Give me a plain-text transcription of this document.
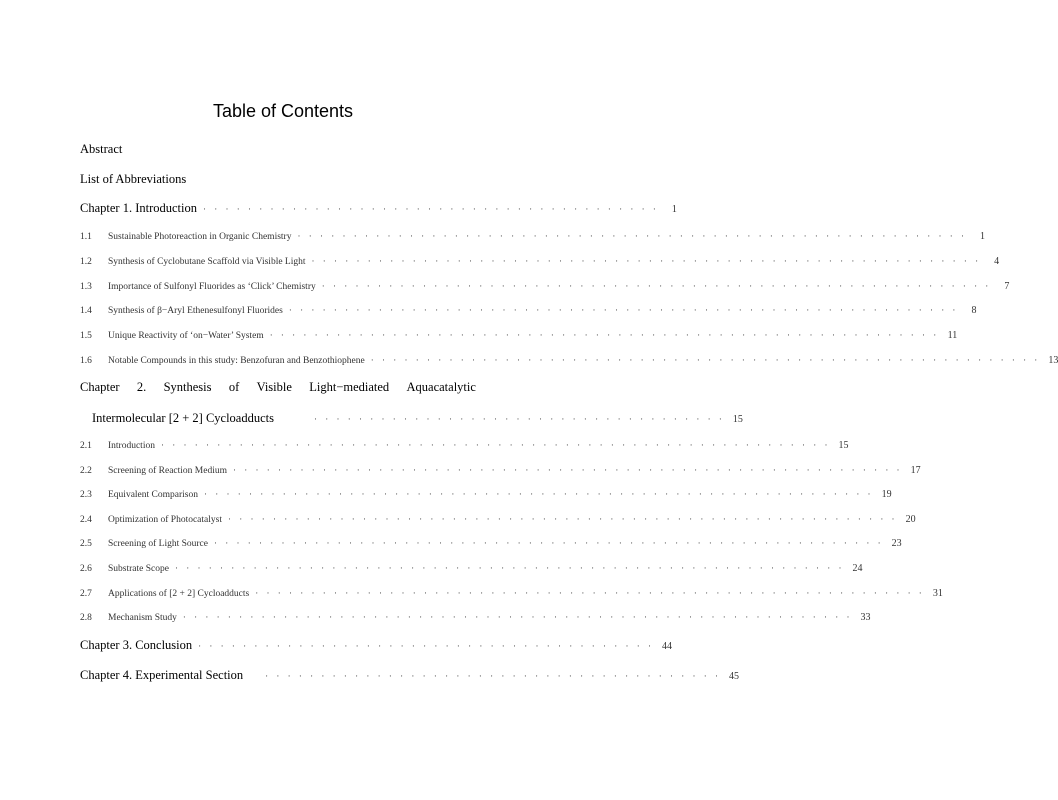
Table of Contents
Abstract
List of Abbreviations
Chapter 1. Introduction · · · · · · · · · · · · · · · · · · · · · · · · · · · · · · · · · · · · · · · · ·	1
1.1	Sustainable Photoreaction in Organic Chemistry · · · · · · · · · · · · · · · · · · · · · · · · · · · · · · · · · · · · · · · · · · · · · · · · · · · · · · · · · · · ·	1
1.2	Synthesis of Cyclobutane Scaffold via Visible Light · · · · · · · · · · · · · · · · · · · · · · · · · · · · · · · · · · · · · · · · · · · · · · · · · · · · · · · · · · · ·	4
1.3	Importance of Sulfonyl Fluorides as ‘Click’ Chemistry · · · · · · · · · · · · · · · · · · · · · · · · · · · · · · · · · · · · · · · · · · · · · · · · · · · · · · · · · · · ·	7
1.4	Synthesis of β−Aryl Ethenesulfonyl Fluorides · · · · · · · · · · · · · · · · · · · · · · · · · · · · · · · · · · · · · · · · · · · · · · · · · · · · · · · · · · · ·	8
1.5	Unique Reactivity of ‘on−Water’ System · · · · · · · · · · · · · · · · · · · · · · · · · · · · · · · · · · · · · · · · · · · · · · · · · · · · · · · · · · · · 11
1.6	Notable Compounds in this study: Benzofuran and Benzothiophene · · · · · · · · · · · · · · · · · · · · · · · · · · · · · · · · · · · · · · · · · · · · · · · · · · · · · · · · · · · · 13
Chapter 2. Synthesis of Visible Light−mediated Aquacatalytic
Intermolecular [2 + 2] Cycloadducts	· · · · · · · · · · · · · · · · · · · · · · · · · · · · · · · · · · · · · 15
2.1	Introduction · · · · · · · · · · · · · · · · · · · · · · · · · · · · · · · · · · · · · · · · · · · · · · · · · · · · · · · · · · · · 15
2.2	Screening of Reaction Medium · · · · · · · · · · · · · · · · · · · · · · · · · · · · · · · · · · · · · · · · · · · · · · · · · · · · · · · · · · · · 17
2.3	Equivalent Comparison · · · · · · · · · · · · · · · · · · · · · · · · · · · · · · · · · · · · · · · · · · · · · · · · · · · · · · · · · · · · 19
2.4	Optimization of Photocatalyst · · · · · · · · · · · · · · · · · · · · · · · · · · · · · · · · · · · · · · · · · · · · · · · · · · · · · · · · · · · · 20
2.5	Screening of Light Source · · · · · · · · · · · · · · · · · · · · · · · · · · · · · · · · · · · · · · · · · · · · · · · · · · · · · · · · · · · · 23
2.6	Substrate Scope · · · · · · · · · · · · · · · · · · · · · · · · · · · · · · · · · · · · · · · · · · · · · · · · · · · · · · · · · · · · 24
2.7	Applications of [2 + 2] Cycloadducts · · · · · · · · · · · · · · · · · · · · · · · · · · · · · · · · · · · · · · · · · · · · · · · · · · · · · · · · · · · · 31
2.8	Mechanism Study · · · · · · · · · · · · · · · · · · · · · · · · · · · · · · · · · · · · · · · · · · · · · · · · · · · · · · · · · · · · 33
Chapter 3. Conclusion · · · · · · · · · · · · · · · · · · · · · · · · · · · · · · · · · · · · · · · · · 44
Chapter 4. Experimental Section · · · · · · · · · · · · · · · · · · · · · · · · · · · · · · · · · · · · · · · · · 45
